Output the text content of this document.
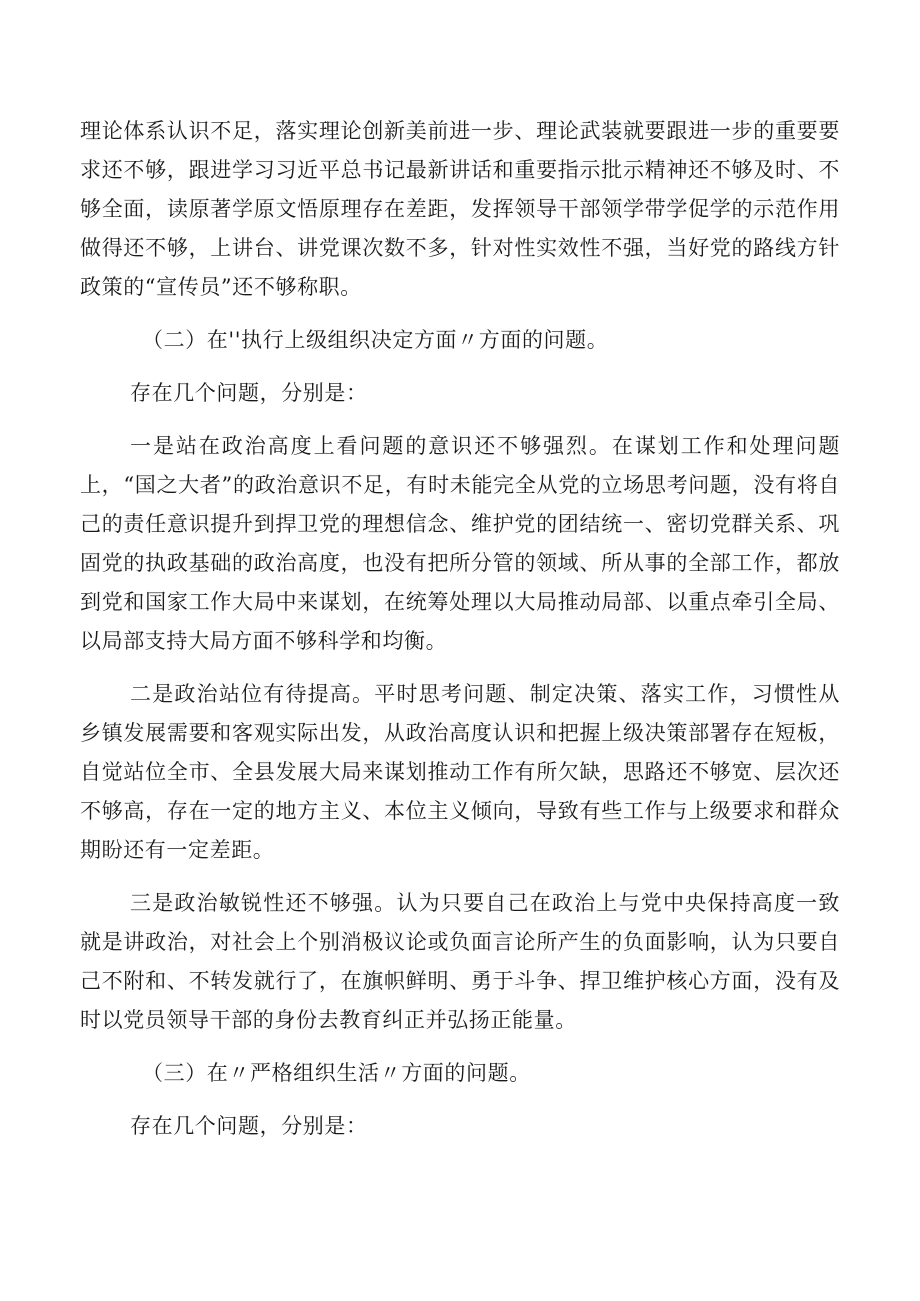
理论体系认识不足，落实理论创新美前进一步、理论武装就要跟进一步的重要要求还不够，跟进学习习近平总书记最新讲话和重要指示批示精神还不够及时、不够全面，读原著学原文悟原理存在差距，发挥领导干部领学带学促学的示范作用做得还不够，上讲台、讲党课次数不多，针对性实效性不强，当好党的路线方针政策的“宣传员”还不够称职。

（二）在''执行上级组织决定方面〃方面的问题。

存在几个问题，分别是：

一是站在政治高度上看问题的意识还不够强烈。在谋划工作和处理问题上，“国之大者”的政治意识不足，有时未能完全从党的立场思考问题，没有将自己的责任意识提升到捍卫党的理想信念、维护党的团结统一、密切党群关系、巩固党的执政基础的政治高度，也没有把所分管的领域、所从事的全部工作，都放到党和国家工作大局中来谋划，在统筹处理以大局推动局部、以重点牵引全局、以局部支持大局方面不够科学和均衡。

二是政治站位有待提高。平时思考问题、制定决策、落实工作，习惯性从乡镇发展需要和客观实际出发，从政治高度认识和把握上级决策部署存在短板，自觉站位全市、全县发展大局来谋划推动工作有所欠缺，思路还不够宽、层次还不够高，存在一定的地方主义、本位主义倾向，导致有些工作与上级要求和群众期盼还有一定差距。

三是政治敏锐性还不够强。认为只要自己在政治上与党中央保持高度一致就是讲政治，对社会上个别消极议论或负面言论所产生的负面影响，认为只要自己不附和、不转发就行了，在旗帜鲜明、勇于斗争、捍卫维护核心方面，没有及时以党员领导干部的身份去教育纠正并弘扬正能量。

（三）在〃严格组织生活〃方面的问题。

存在几个问题，分别是：
